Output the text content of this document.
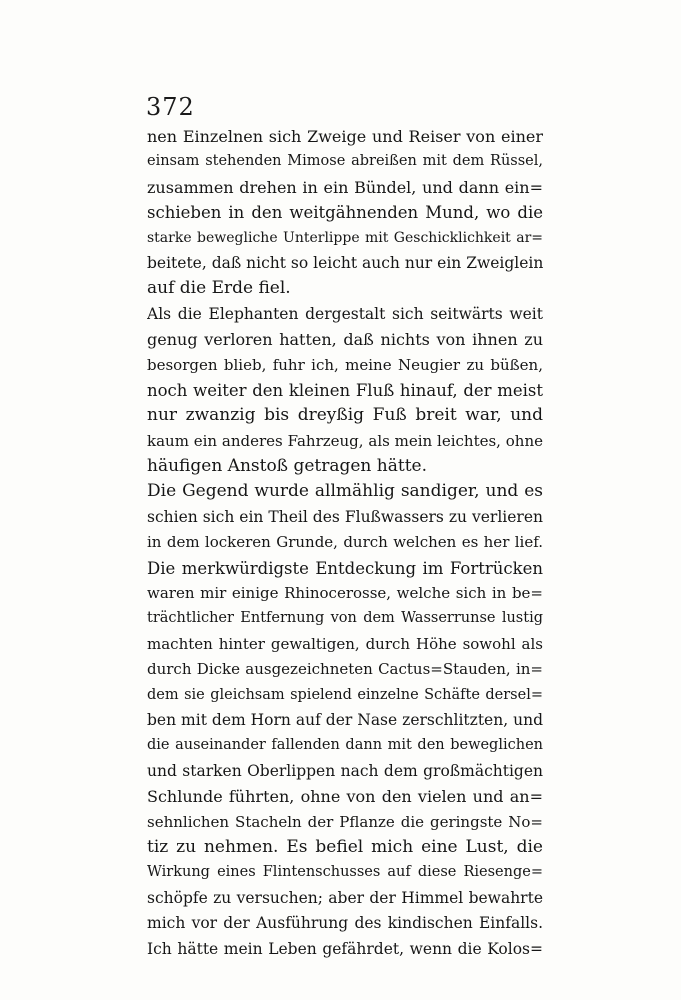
372
nen Einzelnen sich Zweige und Reiser von einer
einsam stehenden Mimose abreißen mit dem Rüssel,
zusammen drehen in ein Bündel, und dann ein=
schieben in den weitgähnenden Mund, wo die
starke bewegliche Unterlippe mit Geschicklichkeit ar=
beitete, daß nicht so leicht auch nur ein Zweiglein
auf die Erde fiel.
Als die Elephanten dergestalt sich seitwärts weit
genug verloren hatten, daß nichts von ihnen zu
besorgen blieb, fuhr ich, meine Neugier zu büßen,
noch weiter den kleinen Fluß hinauf, der meist
nur zwanzig bis dreyßig Fuß breit war, und
kaum ein anderes Fahrzeug, als mein leichtes, ohne
häufigen Anstoß getragen hätte.
Die Gegend wurde allmählig sandiger, und es
schien sich ein Theil des Flußwassers zu verlieren
in dem lockeren Grunde, durch welchen es her lief.
Die merkwürdigste Entdeckung im Fortrücken
waren mir einige Rhinocerosse, welche sich in be=
trächtlicher Entfernung von dem Wasserrunse lustig
machten hinter gewaltigen, durch Höhe sowohl als
durch Dicke ausgezeichneten Cactus=Stauden, in=
dem sie gleichsam spielend einzelne Schäfte dersel=
ben mit dem Horn auf der Nase zerschlitzten, und
die auseinander fallenden dann mit den beweglichen
und starken Oberlippen nach dem großmächtigen
Schlunde führten, ohne von den vielen und an=
sehnlichen Stacheln der Pflanze die geringste No=
tiz zu nehmen. Es befiel mich eine Lust, die
Wirkung eines Flintenschusses auf diese Riesenge=
schöpfe zu versuchen; aber der Himmel bewahrte
mich vor der Ausführung des kindischen Einfalls.
Ich hätte mein Leben gefährdet, wenn die Kolos=
